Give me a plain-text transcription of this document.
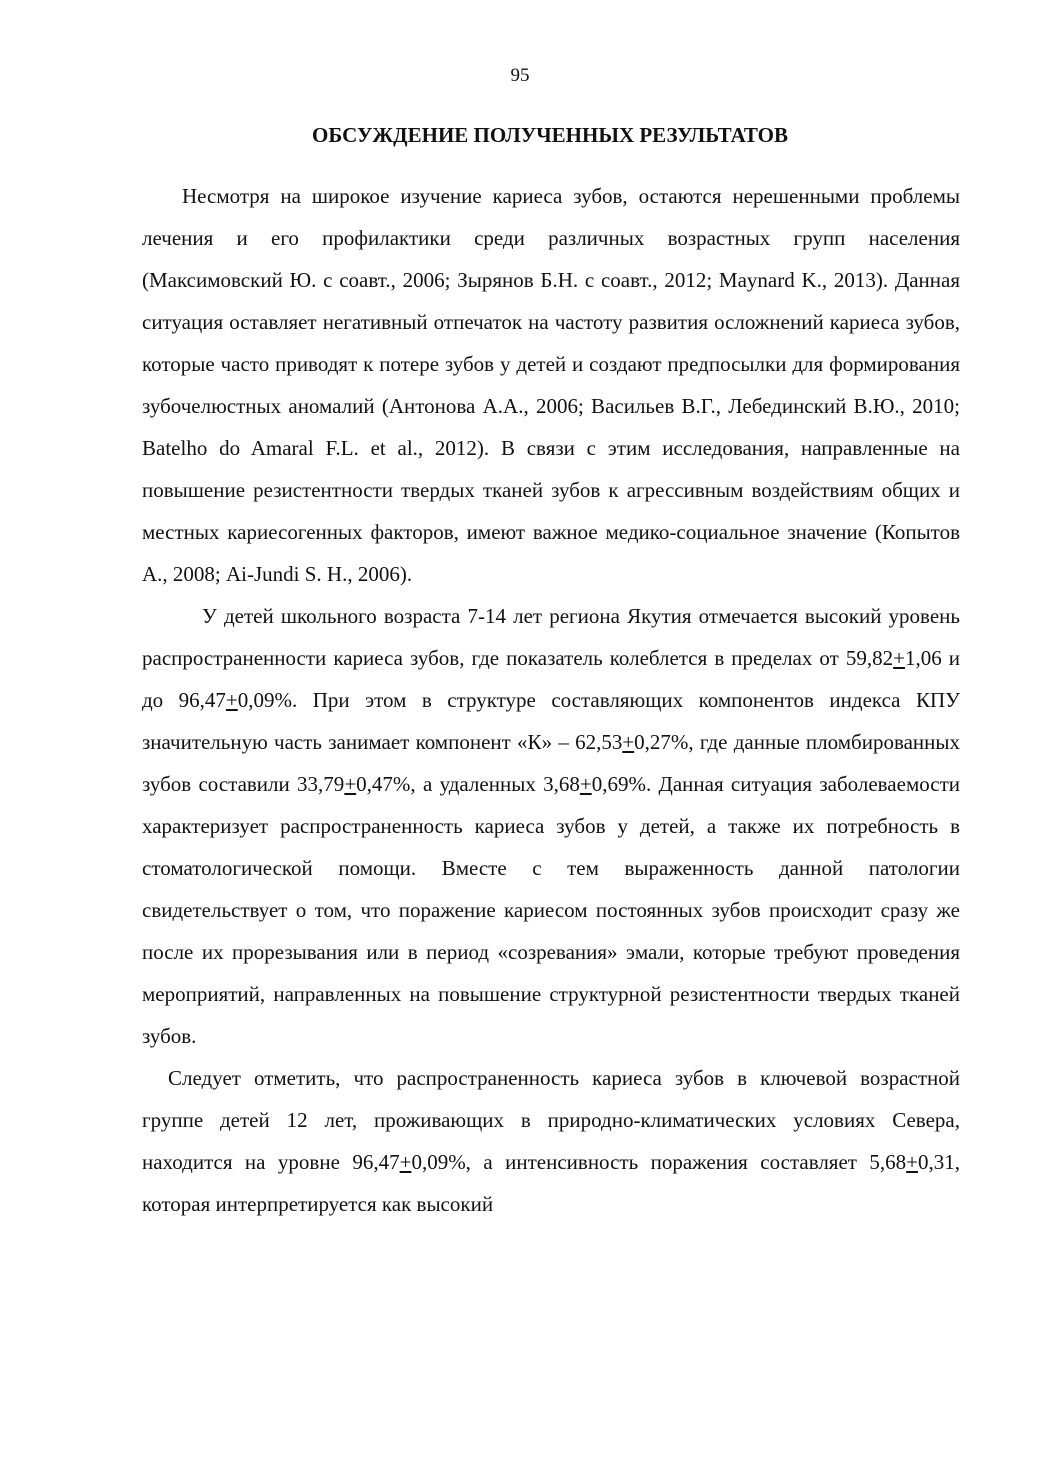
95
ОБСУЖДЕНИЕ ПОЛУЧЕННЫХ РЕЗУЛЬТАТОВ

Несмотря на широкое изучение кариеса зубов, остаются нерешенными проблемы лечения и его профилактики среди различных возрастных групп населения (Максимовский Ю. с соавт., 2006; Зырянов Б.Н. с соавт., 2012; Maynard K., 2013). Данная ситуация оставляет негативный отпечаток на частоту развития осложнений кариеса зубов, которые часто приводят к потере зубов у детей и создают предпосылки для формирования зубочелюстных аномалий (Антонова А.А., 2006; Васильев В.Г., Лебединский В.Ю., 2010; Batelho do Amaral F.L. et al., 2012). В связи с этим исследования, направленные на повышение резистентности твердых тканей зубов к агрессивным воздействиям общих и местных кариесогенных факторов, имеют важное медико-социальное значение (Копытов А., 2008; Ai-Jundi S. H., 2006).

У детей школьного возраста 7-14 лет региона Якутия отмечается высокий уровень распространенности кариеса зубов, где показатель колеблется в пределах от 59,82+1,06 и до 96,47+0,09%. При этом в структуре составляющих компонентов индекса КПУ значительную часть занимает компонент «К» – 62,53+0,27%, где данные пломбированных зубов составили 33,79+0,47%, а удаленных 3,68+0,69%. Данная ситуация заболеваемости характеризует распространенность кариеса зубов у детей, а также их потребность в стоматологической помощи. Вместе с тем выраженность данной патологии свидетельствует о том, что поражение кариесом постоянных зубов происходит сразу же после их прорезывания или в период «созревания» эмали, которые требуют проведения мероприятий, направленных на повышение структурной резистентности твердых тканей зубов.

Следует отметить, что распространенность кариеса зубов в ключевой возрастной группе детей 12 лет, проживающих в природно-климатических условиях Севера, находится на уровне 96,47+0,09%, а интенсивность поражения составляет 5,68+0,31, которая интерпретируется как высокий
